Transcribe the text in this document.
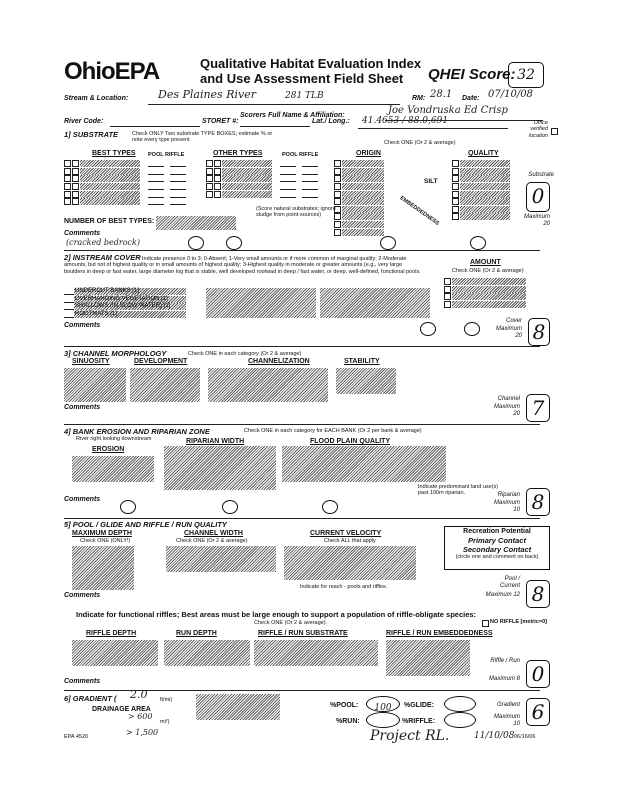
OhioEPA	Qualitative Habitat Evaluation Index
and Use Assessment Field Sheet QHEI Score: 32
Stream & Location:	Des Plaines River	281 TLB	RM: 28.1 Date: 07/10/08
Scorers Full Name & Affiliation:	Joe Vondruska Ed Crisp
River Code:	STORET #:	Lat./ Long.: 41.4653 / 88.0,691	Office verified location
1] SUBSTRATE	Check ONLY Two substrate TYPE BOXES; estimate % or note every type present	Check ONE (Or 2 & average)
BEST TYPES POOL RIFFLE	OTHER TYPES	POOL RIFFLE	ORIGIN	QUALITY

(Score natural substrates; ignore sludge from point-sources)

SILT
EMBEDDEDNESS

Substrate
0
Maximum 20
NUMBER OF BEST TYPES:
Comments
(cracked bedrock)
2] INSTREAM COVER Indicate presence 0 to 3: 0-Absent; 1-Very small amounts or if more common of marginal quality; 2-Moderate amounts, but not of highest quality or in small amounts of highest quality; 3-Highest quality in moderate or greater amounts (e.g., very large boulders in deep or fast water, large diameter log that is stable, well developed rootwad in deep / fast water, or deep, well-defined, functional pools.
AMOUNT
Check ONE (Or 2 & average)
UNDERCUT BANKS [1]
OVERHANGING VEGETATION [1]
SHALLOWS (IN SLOW WATER) [1]
ROOTMATS [1]

Comments
Cover
Maximum 20 8
3] CHANNEL MORPHOLOGY	Check ONE in each category (Or 2 & average)
SINUOSITY	DEVELOPMENT	CHANNELIZATION	STABILITY
Comments
Channel
Maximum 20 7
4] BANK EROSION AND RIPARIAN ZONE	Check ONE in each category for EACH BANK (Or 2 per bank & average)
River right looking downstream
EROSION
RIPARIAN WIDTH	FLOOD PLAIN QUALITY
Indicate predominant land use(s) past 100m riparian.
Comments
Riparian
Maximum 10 8
5] POOL / GLIDE AND RIFFLE / RUN QUALITY
MAXIMUM DEPTH
Check ONE (ONLY!)
CHANNEL WIDTH
Check ONE (Or 2 & average)
CURRENT VELOCITY
Check ALL that apply
Indicate for reach - pools and riffles.
Recreation Potential
Primary Contact
Secondary Contact
(circle one and comment on back)
Comments
Pool / Current
Maximum 12 8
Indicate for functional riffles; Best areas must be large enough to support a population of riffle-obligate species:
Check ONE (Or 2 & average).	NO RIFFLE [metric=0]
RIFFLE DEPTH	RUN DEPTH	RIFFLE / RUN SUBSTRATE	RIFFLE / RUN EMBEDDEDNESS
Comments
Riffle / Run
Maximum 8 0
6] GRADIENT ( 2.0 ft/mi)
DRAINAGE AREA
> 600
mi²)
%POOL:	100	%GLIDE:
%RUN:	%RIFFLE:
Gradient
Maximum 10 6
EPA 4520	> 1,500	Project RL.	11/10/08 06/16/06
